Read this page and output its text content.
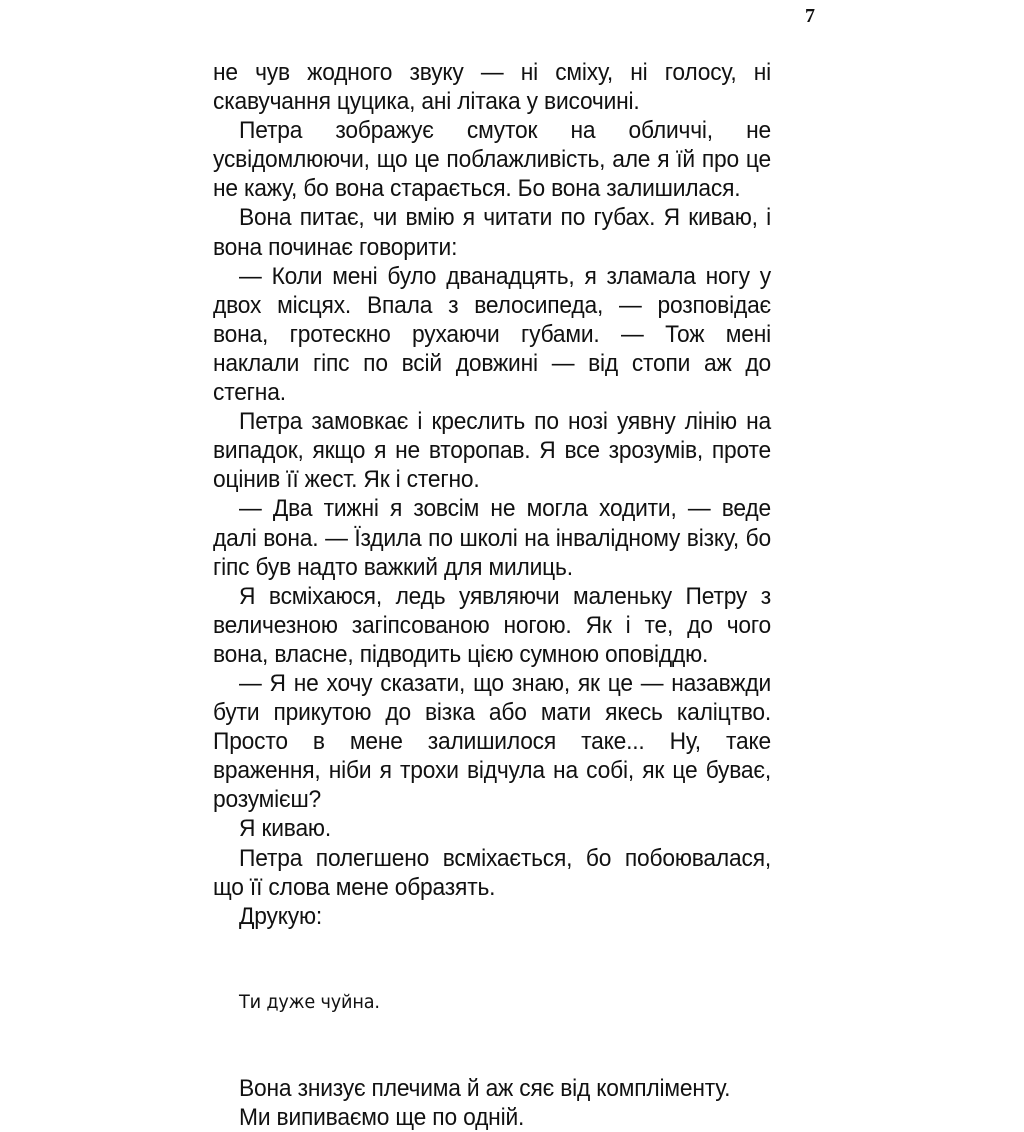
7

не чув жодного звуку — ні сміху, ні голосу, ні скавучання цуцика, ані літака у височині.

Петра зображує смуток на обличчі, не усвідомлюючи, що це поблажливість, але я їй про це не кажу, бо вона старається. Бо вона залишилася.

Вона питає, чи вмію я читати по губах. Я киваю, і вона починає говорити:

— Коли мені було дванадцять, я зламала ногу у двох місцях. Впала з велосипеда, — розповідає вона, гротескно рухаючи губами. — Тож мені наклали гіпс по всій довжині — від стопи аж до стегна.

Петра замовкає і креслить по нозі уявну лінію на випадок, якщо я не второпав. Я все зрозумів, проте оцінив її жест. Як і стегно.

— Два тижні я зовсім не могла ходити, — веде далі вона. — Їздила по школі на інвалідному візку, бо гіпс був надто важкий для милиць.

Я всміхаюся, ледь уявляючи маленьку Петру з величезною загіпсованою ногою. Як і те, до чого вона, власне, підводить цією сумною оповіддю.

— Я не хочу сказати, що знаю, як це — назавжди бути прикутою до візка або мати якесь каліцтво. Просто в мене залишилося таке... Ну, таке враження, ніби я трохи відчула на собі, як це буває, розумієш?

Я киваю.

Петра полегшено всміхається, бо побоювалася, що її слова мене образять.

Друкую:

Ти дуже чуйна.

Вона знизує плечима й аж сяє від компліменту.

Ми випиваємо ще по одній.
